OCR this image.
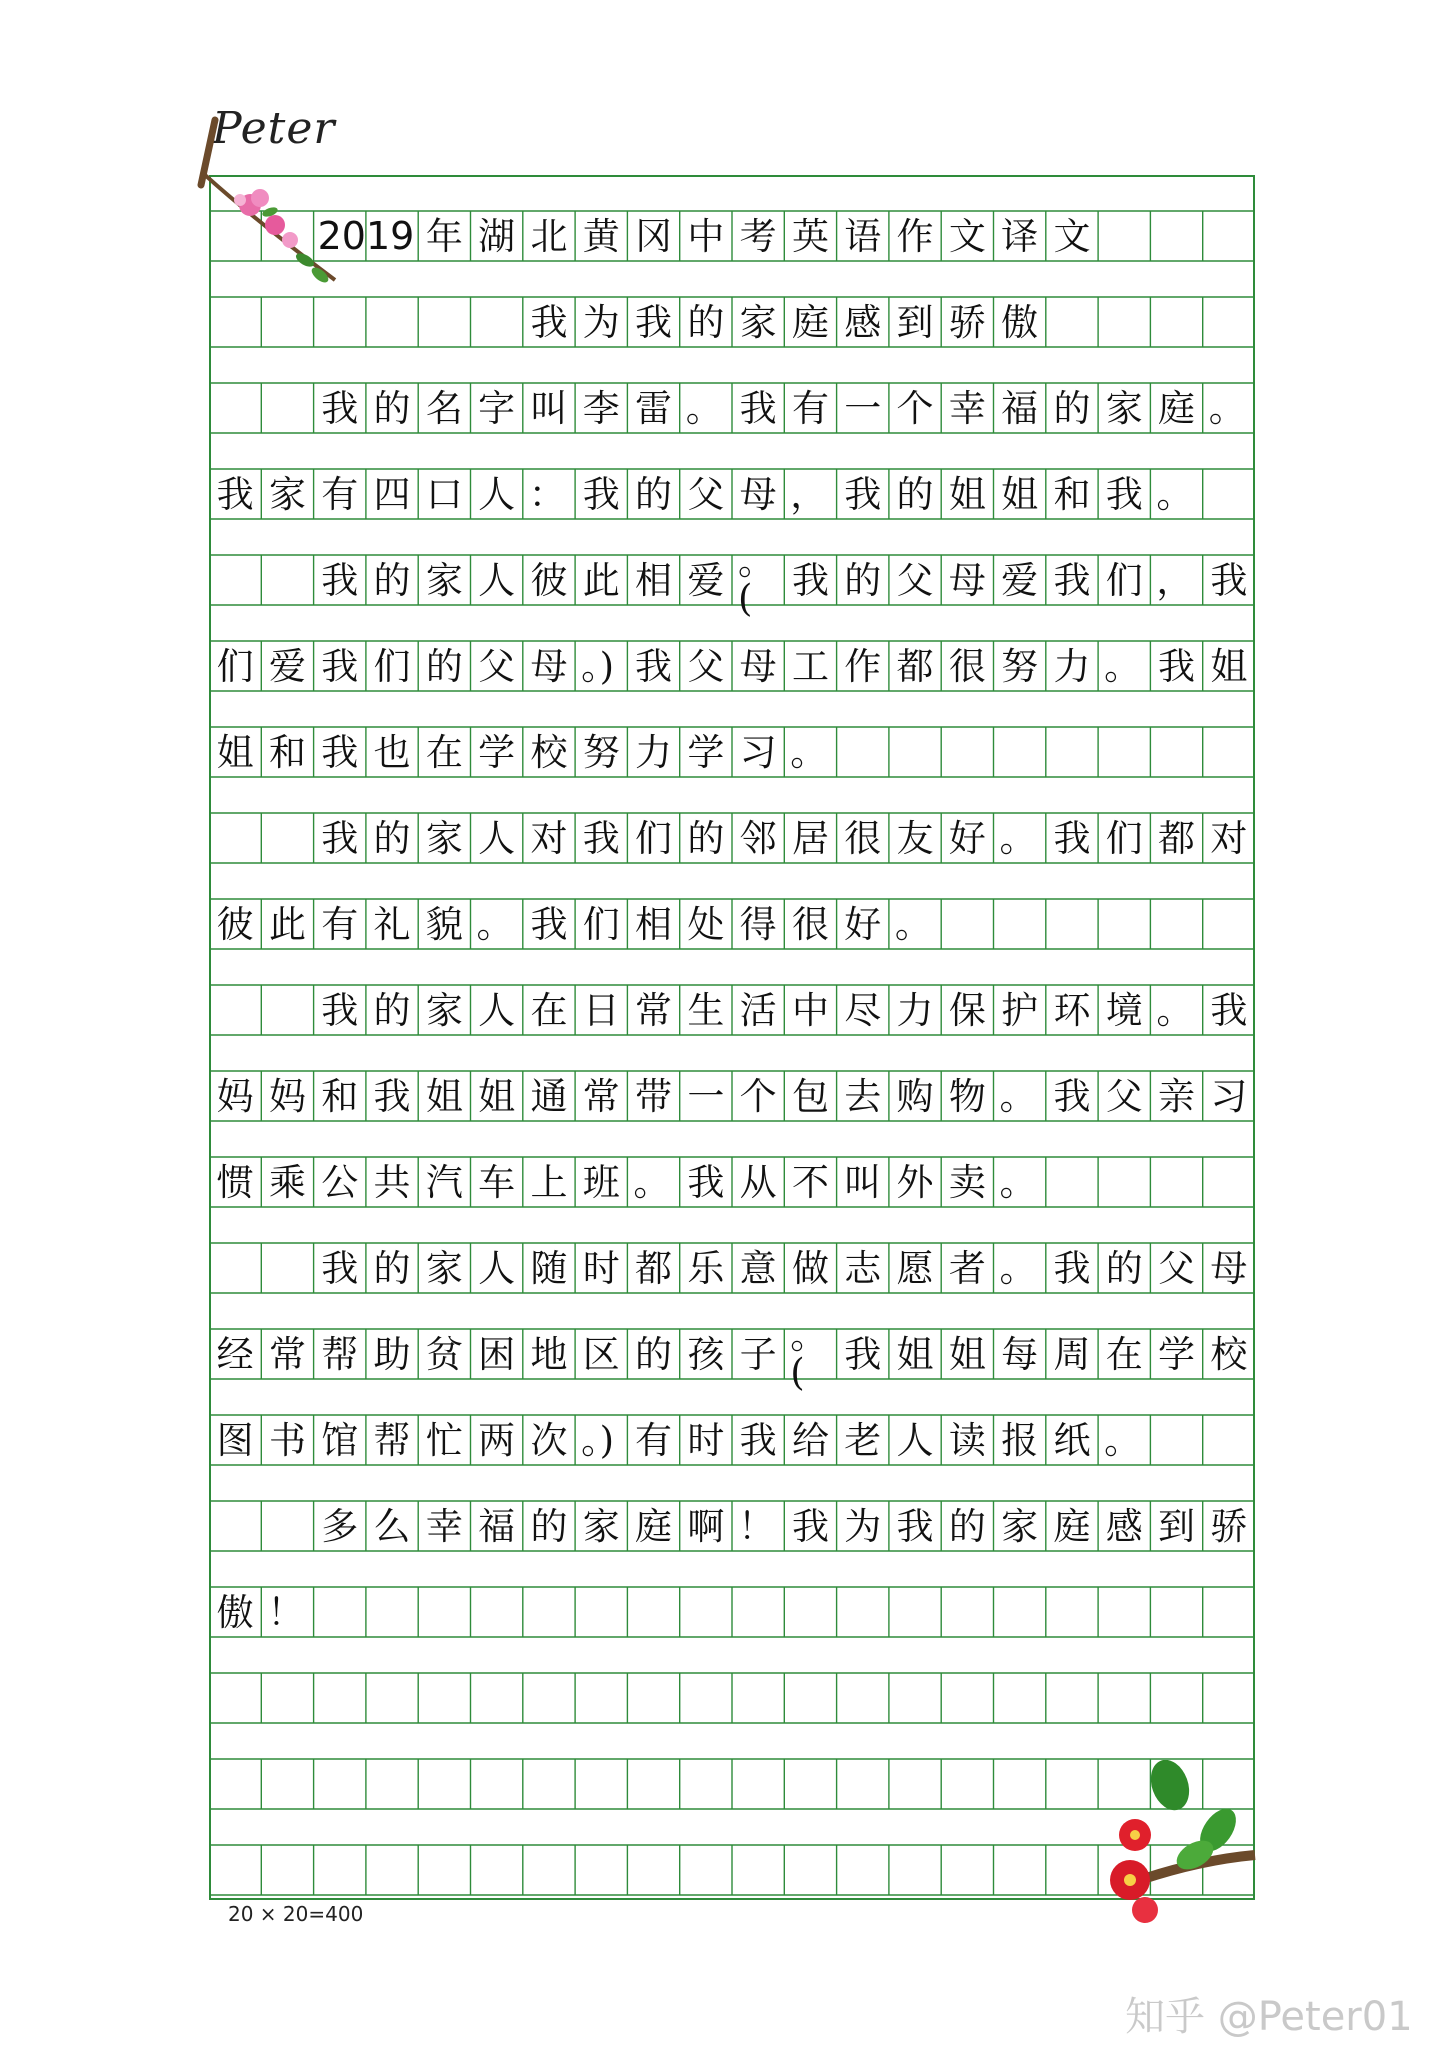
Peter
2019 年 湖 北 黄 冈 中 考 英 语 作 文 译 文
我 为 我 的 家 庭 感 到 骄 傲
我 的 名 字 叫 李 雷 。 我 有 一 个 幸 福 的 家 庭 。
我 家 有 四 口 人 ： 我 的 父 母 ， 我 的 姐 姐 和 我 。
我 的 家 人 彼 此 相 爱 。(	我 的 父 母 爱 我 们 ， 我
们 爱 我 们 的 父 母 。) 我 父 母 工 作 都 很 努 力 。 我 姐
姐 和 我 也 在 学 校 努 力 学 习 。
我 的 家 人 对 我 们 的 邻 居 很 友 好 。 我 们 都 对
彼 此 有 礼 貌 。 我 们 相 处 得 很 好 。
我 的 家 人 在 日 常 生 活 中 尽 力 保 护 环 境 。 我
妈 妈 和 我 姐 姐 通 常 带 一 个 包 去 购 物 。 我 父 亲 习
惯 乘 公 共 汽 车 上 班 。 我 从 不 叫 外 卖 。
我 的 家 人 随 时 都 乐 意 做 志 愿 者 。 我 的 父 母
经 常 帮 助 贫 困 地 区 的 孩 子 。(	我 姐 姐 每 周 在 学 校
图 书 馆 帮 忙 两 次 。) 有 时 我 给 老 人 读 报 纸 。
多 么 幸 福 的 家 庭 啊 ！ 我 为 我 的 家 庭 感 到 骄
傲 ！
20 × 20=400
知乎 @Peter01
